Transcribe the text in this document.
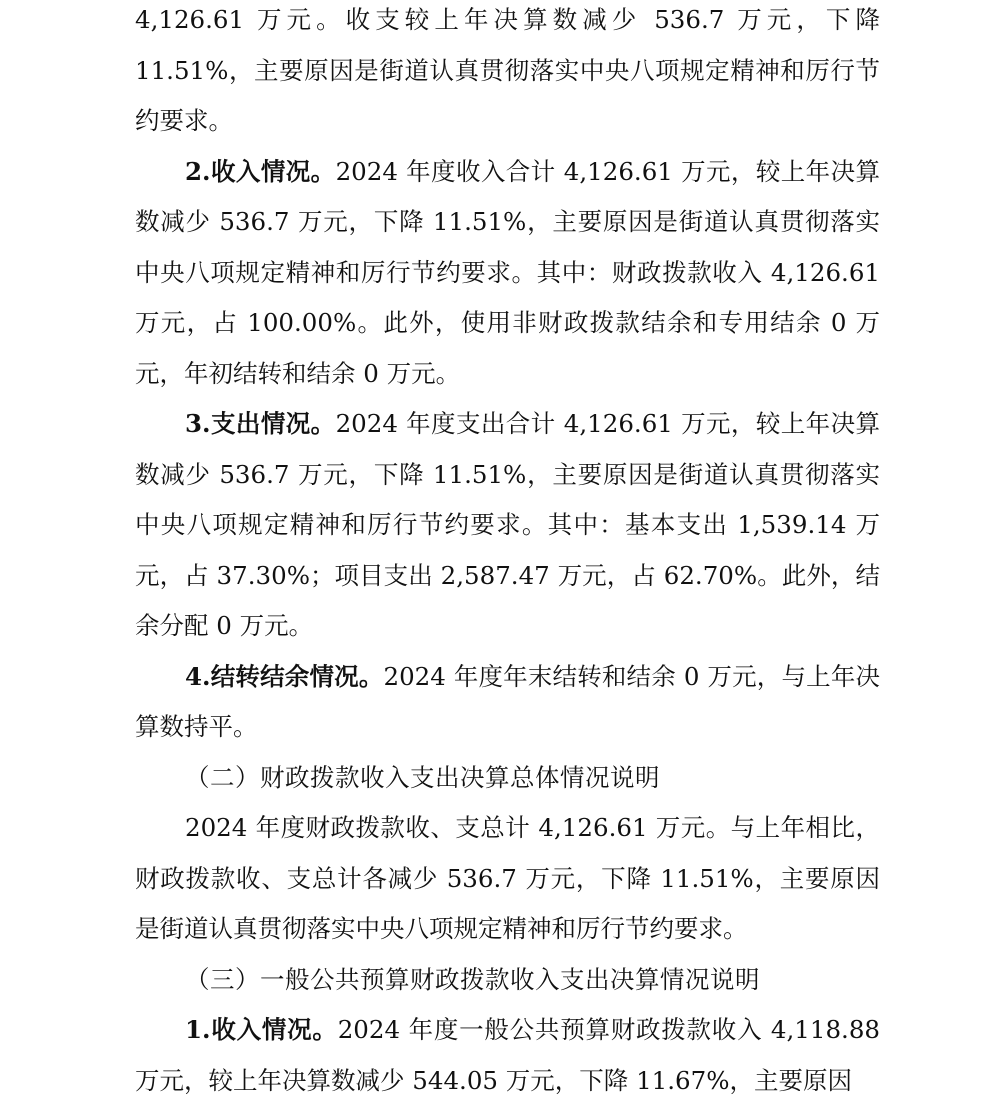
4,126.61 万元。收支较上年决算数减少 536.7 万元，下降 11.51%，主要原因是街道认真贯彻落实中央八项规定精神和厉行节约要求。

2.收入情况。2024 年度收入合计 4,126.61 万元，较上年决算数减少 536.7 万元，下降 11.51%，主要原因是街道认真贯彻落实中央八项规定精神和厉行节约要求。其中：财政拨款收入 4,126.61 万元，占 100.00%。此外，使用非财政拨款结余和专用结余 0 万元，年初结转和结余 0 万元。

3.支出情况。2024 年度支出合计 4,126.61 万元，较上年决算数减少 536.7 万元，下降 11.51%，主要原因是街道认真贯彻落实中央八项规定精神和厉行节约要求。其中：基本支出 1,539.14 万元，占 37.30%；项目支出 2,587.47 万元，占 62.70%。此外，结余分配 0 万元。

4.结转结余情况。2024 年度年末结转和结余 0 万元，与上年决算数持平。

（二）财政拨款收入支出决算总体情况说明

2024 年度财政拨款收、支总计 4,126.61 万元。与上年相比，财政拨款收、支总计各减少 536.7 万元，下降 11.51%，主要原因是街道认真贯彻落实中央八项规定精神和厉行节约要求。

（三）一般公共预算财政拨款收入支出决算情况说明

1.收入情况。2024 年度一般公共预算财政拨款收入 4,118.88 万元，较上年决算数减少 544.05 万元，下降 11.67%，主要原因
